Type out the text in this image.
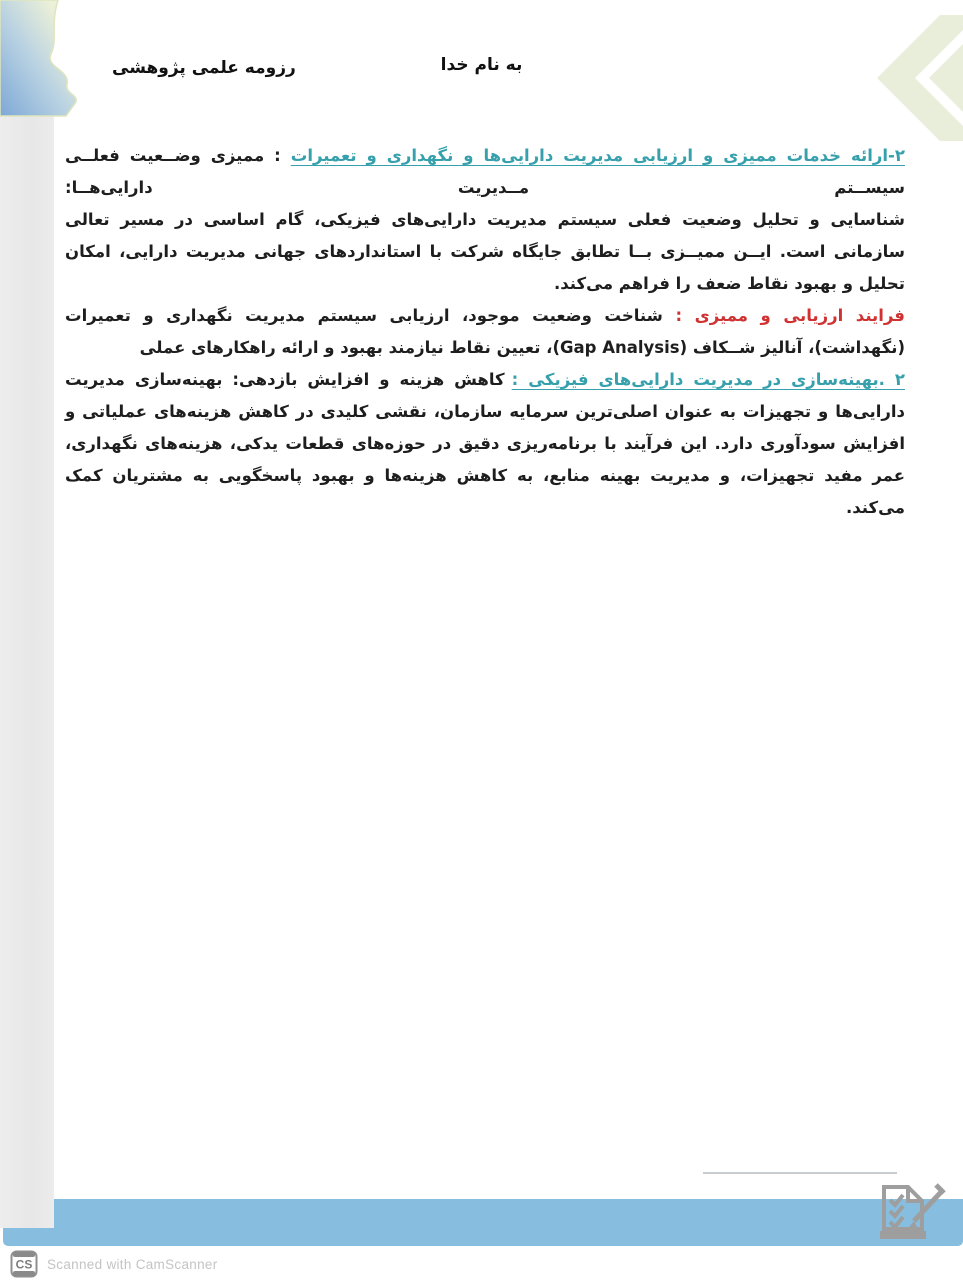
به نام خدا
رزومه علمی پژوهشی

۲-ارائه خدمات ممیزی و ارزیابی مدیریت دارایی‌ها و نگهداری و تعمیرات : ممیزی وضــعیت فعلــی سیســتم مــدیریت دارایی‌هــا:

شناسایی و تحلیل وضعیت فعلی سیستم مدیریت دارایی‌های فیزیکی، گام اساسی در مسیر تعالی سازمانی است. ایــن ممیــزی بــا تطابق جایگاه شرکت با استانداردهای جهانی مدیریت دارایی، امکان تحلیل و بهبود نقاط ضعف را فراهم می‌کند.

فرایند ارزیابی و ممیزی : شناخت وضعیت موجود، ارزیابی سیستم مدیریت نگهداری و تعمیرات (نگهداشت)، آنالیز شــکاف (Gap Analysis)، تعیین نقاط نیازمند بهبود و ارائه راهکارهای عملی

۲ .بهینه‌سازی در مدیریت دارایی‌های فیزیکی :کاهش هزینه و افزایش بازدهی: بهینه‌سازی مدیریت دارایی‌ها و تجهیزات به عنوان اصلی‌ترین سرمایه سازمان، نقشی کلیدی در کاهش هزینه‌های عملیاتی و افزایش سودآوری دارد. این فرآیند با برنامه‌ریزی دقیق در حوزه‌های قطعات یدکی، هزینه‌های نگهداری، عمر مفید تجهیزات، و مدیریت بهینه منابع، به کاهش هزینه‌ها و بهبود پاسخگویی به مشتریان کمک می‌کند.

CS Scanned with CamScanner
